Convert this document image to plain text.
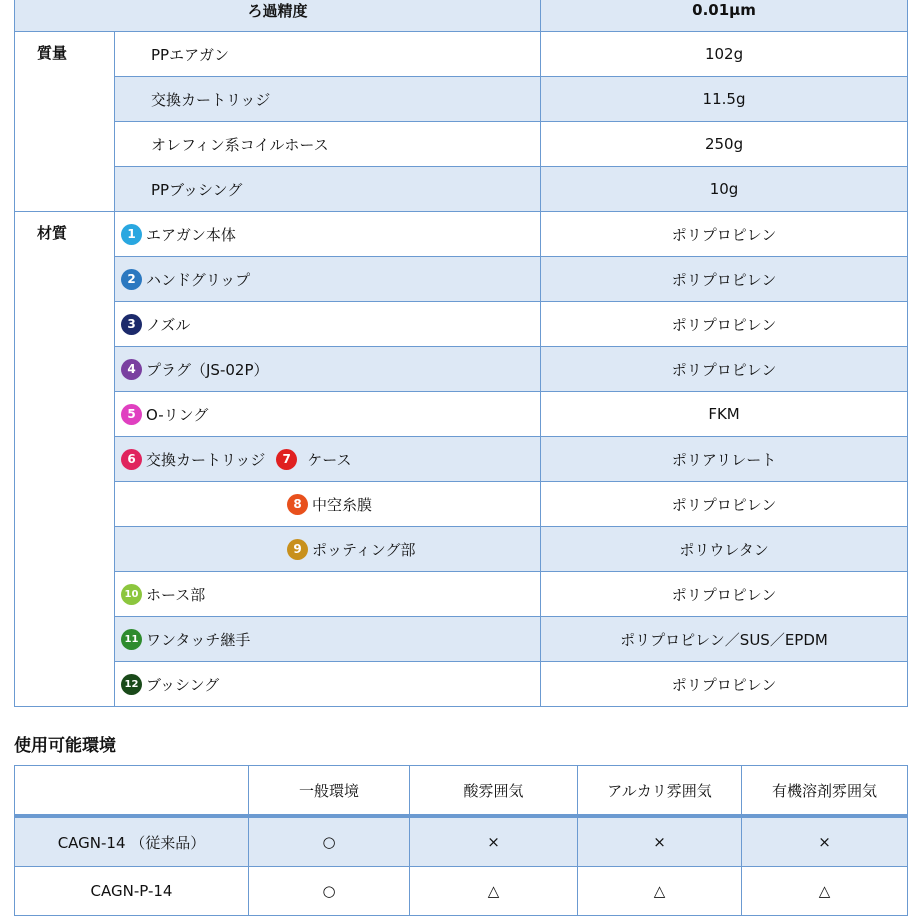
ろ過精度		0.01μm
質量	PPエアガン	102g
	交換カートリッジ	11.5g
	オレフィン系コイルホース	250g
	PPブッシング	10g
材質	1 エアガン本体	ポリプロピレン
	2 ハンドグリップ	ポリプロピレン
	3 ノズル	ポリプロピレン
	4 プラグ（JS-02P）	ポリプロピレン
	5 O-リング	FKM
	6 交換カートリッジ 7 ケース	ポリアリレート
	8 中空糸膜	ポリプロピレン
	9 ポッティング部	ポリウレタン
	10 ホース部	ポリプロピレン
	11 ワンタッチ継手	ポリプロピレン／SUS／EPDM
	12 ブッシング	ポリプロピレン
使用可能環境
	一般環境	酸雰囲気	アルカリ雰囲気	有機溶剤雰囲気
CAGN-14 （従来品）	○	×	×	×
CAGN-P-14	○	△	△	△
